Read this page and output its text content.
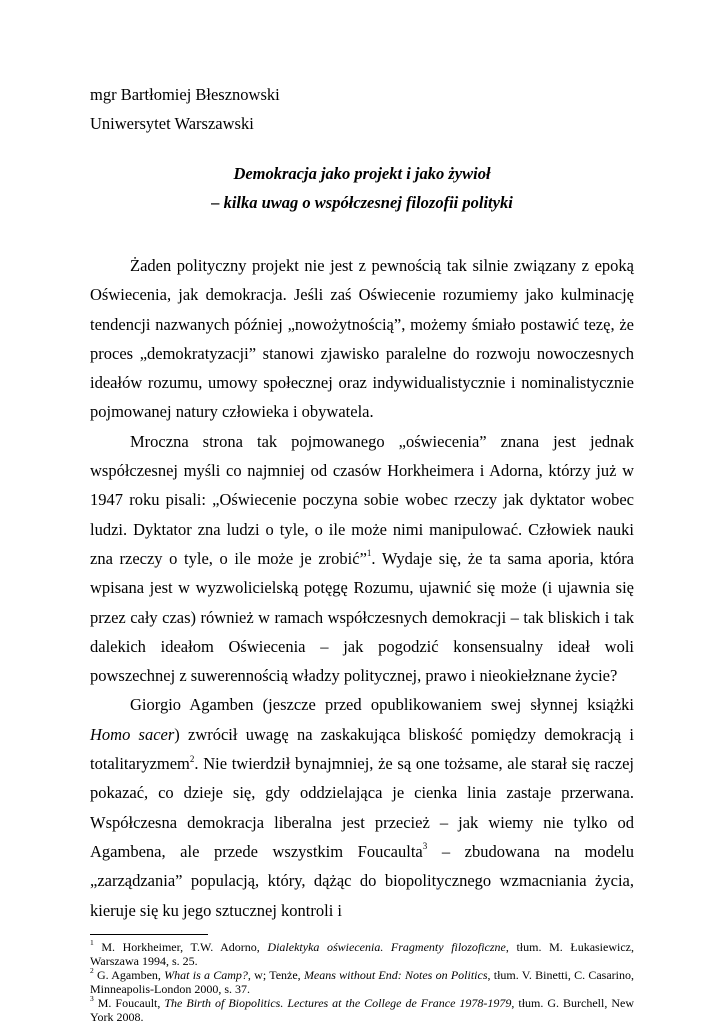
mgr Bartłomiej Błesznowski
Uniwersytet Warszawski
Demokracja jako projekt i jako żywioł
– kilka uwag o współczesnej filozofii polityki

Żaden polityczny projekt nie jest z pewnością tak silnie związany z epoką Oświecenia, jak demokracja. Jeśli zaś Oświecenie rozumiemy jako kulminację tendencji nazwanych później „nowożytnością”, możemy śmiało postawić tezę, że proces „demokratyzacji” stanowi zjawisko paralelne do rozwoju nowoczesnych ideałów rozumu, umowy społecznej oraz indywidualistycznie i nominalistycznie pojmowanej natury człowieka i obywatela.

Mroczna strona tak pojmowanego „oświecenia” znana jest jednak współczesnej myśli co najmniej od czasów Horkheimera i Adorna, którzy już w 1947 roku pisali: „Oświecenie poczyna sobie wobec rzeczy jak dyktator wobec ludzi. Dyktator zna ludzi o tyle, o ile może nimi manipulować. Człowiek nauki zna rzeczy o tyle, o ile może je zrobić”$^1$. Wydaje się, że ta sama aporia, która wpisana jest w wyzwolicielską potęgę Rozumu, ujawnić się może (i ujawnia się przez cały czas) również w ramach współczesnych demokracji – tak bliskich i tak dalekich ideałom Oświecenia – jak pogodzić konsensualny ideał woli powszechnej z suwerennością władzy politycznej, prawo i nieokiełznane życie?

Giorgio Agamben (jeszcze przed opublikowaniem swej słynnej książki Homo sacer) zwrócił uwagę na zaskakująca bliskość pomiędzy demokracją i totalitaryzmem$^2$. Nie twierdził bynajmniej, że są one tożsame, ale starał się raczej pokazać, co dzieje się, gdy oddzielająca je cienka linia zastaje przerwana. Współczesna demokracja liberalna jest przecież – jak wiemy nie tylko od Agambena, ale przede wszystkim Foucaulta$^3$ – zbudowana na modelu „zarządzania” populacją, który, dążąc do biopolitycznego wzmacniania życia, kieruje się ku jego sztucznej kontroli i

$^1$ M. Horkheimer, T.W. Adorno, Dialektyka oświecenia. Fragmenty filozoficzne, tłum. M. Łukasiewicz, Warszawa 1994, s. 25.

$^2$ G. Agamben, What is a Camp?, w; Tenże, Means without End: Notes on Politics, tłum. V. Binetti, C. Casarino, Minneapolis-London 2000, s. 37.

$^3$ M. Foucault, The Birth of Biopolitics. Lectures at the College de France 1978-1979, tłum. G. Burchell, New York 2008.
